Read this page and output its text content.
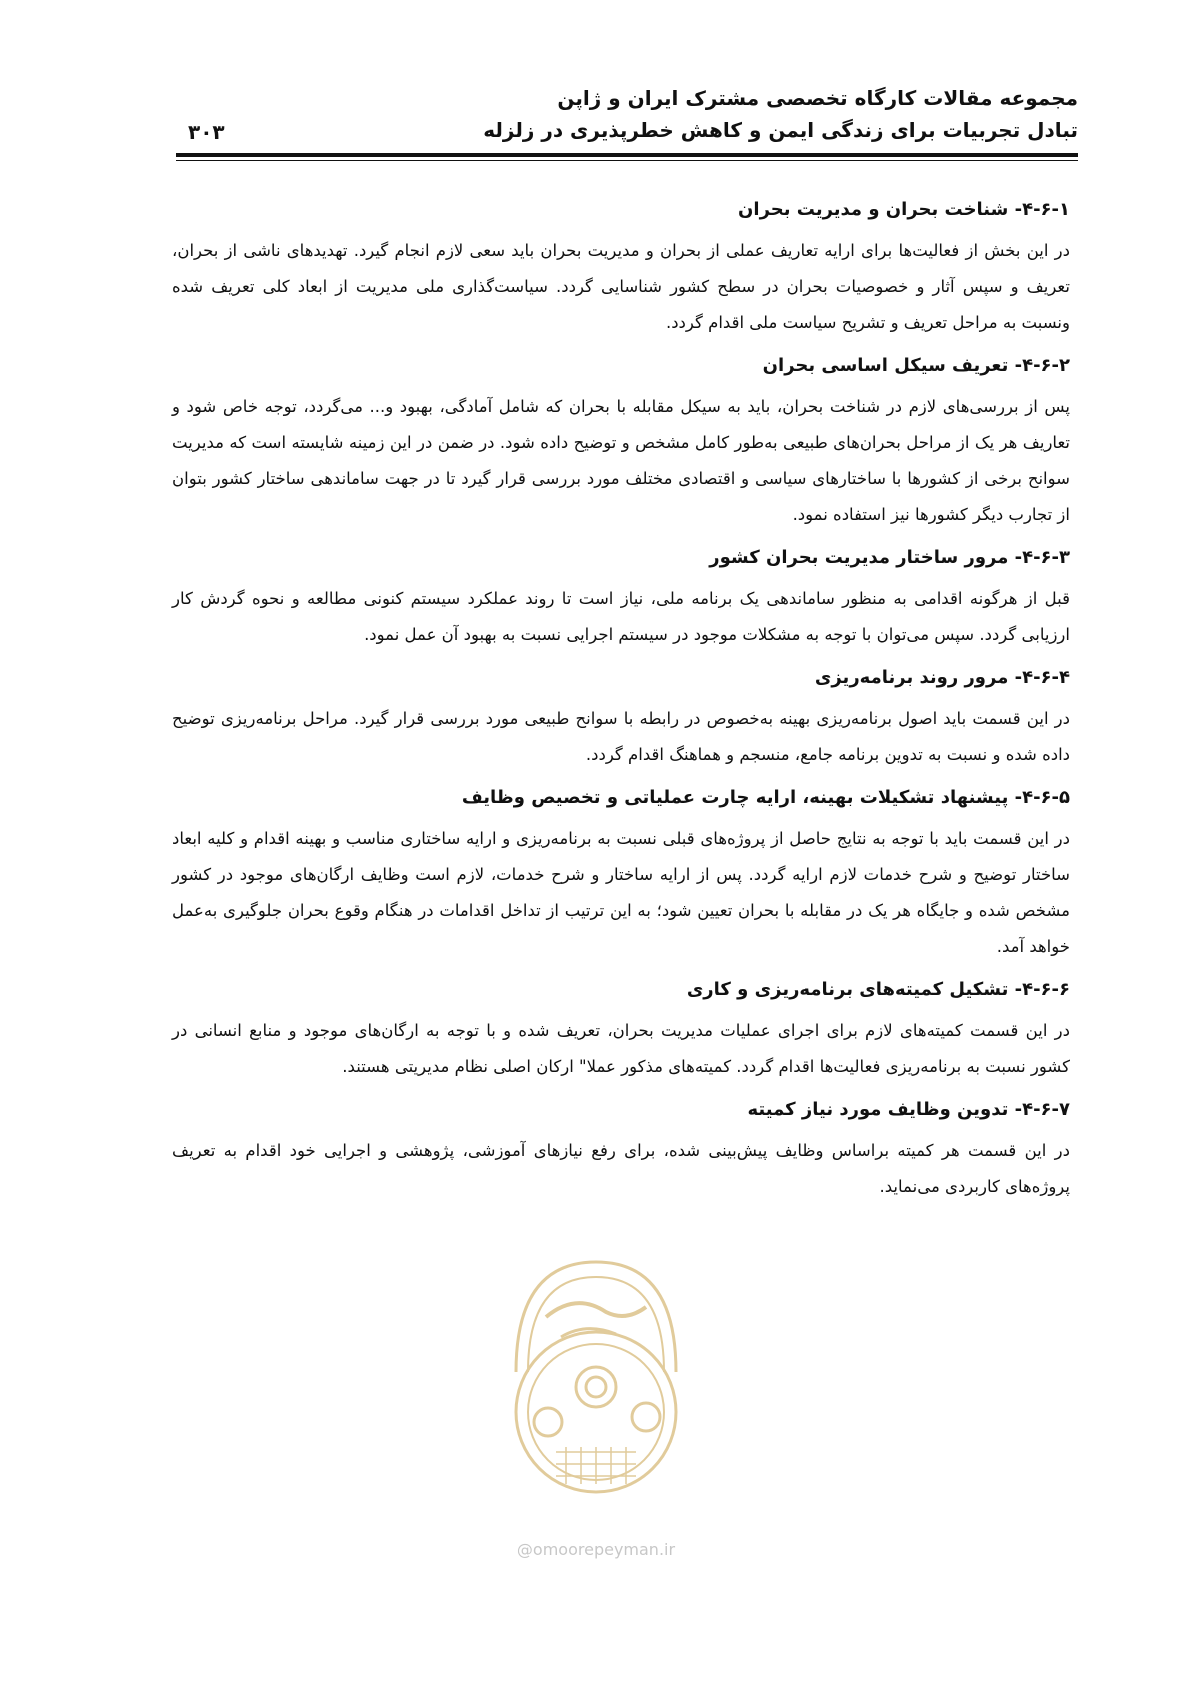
مجموعه مقالات کارگاه تخصصی مشترک ایران و ژاپن
تبادل تجربیات برای زندگی ایمن و کاهش خطرپذیری در زلزله
۳۰۳
۴-۶-۱- شناخت بحران و مدیریت بحران

در این بخش از فعالیت‌ها برای ارایه تعاریف عملی از بحران و مدیریت بحران باید سعی لازم انجام گیرد. تهدیدهای ناشی از بحران، تعریف و سپس آثار و خصوصیات بحران در سطح کشور شناسایی گردد. سیاست‌گذاری ملی مدیریت از ابعاد کلی تعریف شده ونسبت به مراحل تعریف و تشریح سیاست ملی اقدام گردد.

۴-۶-۲- تعریف سیکل اساسی بحران

پس از بررسی‌های لازم در شناخت بحران، باید به سیکل مقابله با بحران که شامل آمادگی، بهبود و... می‌گردد، توجه خاص شود و تعاریف هر یک از مراحل بحران‌های طبیعی به‌طور کامل مشخص و توضیح داده شود. در ضمن در این زمینه شایسته است که مدیریت سوانح برخی از کشورها با ساختارهای سیاسی و اقتصادی مختلف مورد بررسی قرار گیرد تا در جهت ساماندهی ساختار کشور بتوان از تجارب دیگر کشورها نیز استفاده نمود.

۴-۶-۳- مرور ساختار مدیریت بحران کشور

قبل از هرگونه اقدامی به منظور ساماندهی یک برنامه ملی، نیاز است تا روند عملکرد سیستم کنونی مطالعه و نحوه گردش کار ارزیابی گردد. سپس می‌توان با توجه به مشکلات موجود در سیستم اجرایی نسبت به بهبود آن عمل نمود.

۴-۶-۴- مرور روند برنامه‌ریزی

در این قسمت باید اصول برنامه‌ریزی بهینه به‌خصوص در رابطه با سوانح طبیعی مورد بررسی قرار گیرد. مراحل برنامه‌ریزی توضیح داده شده و نسبت به تدوین برنامه جامع، منسجم و هماهنگ اقدام گردد.

۴-۶-۵- پیشنهاد تشکیلات بهینه، ارایه چارت عملیاتی و تخصیص وظایف

در این قسمت باید با توجه به نتایج حاصل از پروژه‌های قبلی نسبت به برنامه‌ریزی و ارایه ساختاری مناسب و بهینه اقدام و کلیه ابعاد ساختار توضیح و شرح خدمات لازم ارایه گردد. پس از ارایه ساختار و شرح خدمات، لازم است وظایف ارگان‌های موجود در کشور مشخص شده و جایگاه هر یک در مقابله با بحران تعیین شود؛ به این ترتیب از تداخل اقدامات در هنگام وقوع بحران جلوگیری به‌عمل خواهد آمد.

۴-۶-۶- تشکیل کمیته‌های برنامه‌ریزی و کاری

در این قسمت کمیته‌های لازم برای اجرای عملیات مدیریت بحران، تعریف شده و با توجه به ارگان‌های موجود و منابع انسانی در کشور نسبت به برنامه‌ریزی فعالیت‌ها اقدام گردد. کمیته‌های مذکور عملا" ارکان اصلی نظام مدیریتی هستند.

۴-۶-۷- تدوین وظایف مورد نیاز کمیته

در این قسمت هر کمیته براساس وظایف پیش‌بینی شده، برای رفع نیازهای آموزشی، پژوهشی و اجرایی خود اقدام به تعریف پروژه‌های کاربردی می‌نماید.

@omoorepeyman.ir
